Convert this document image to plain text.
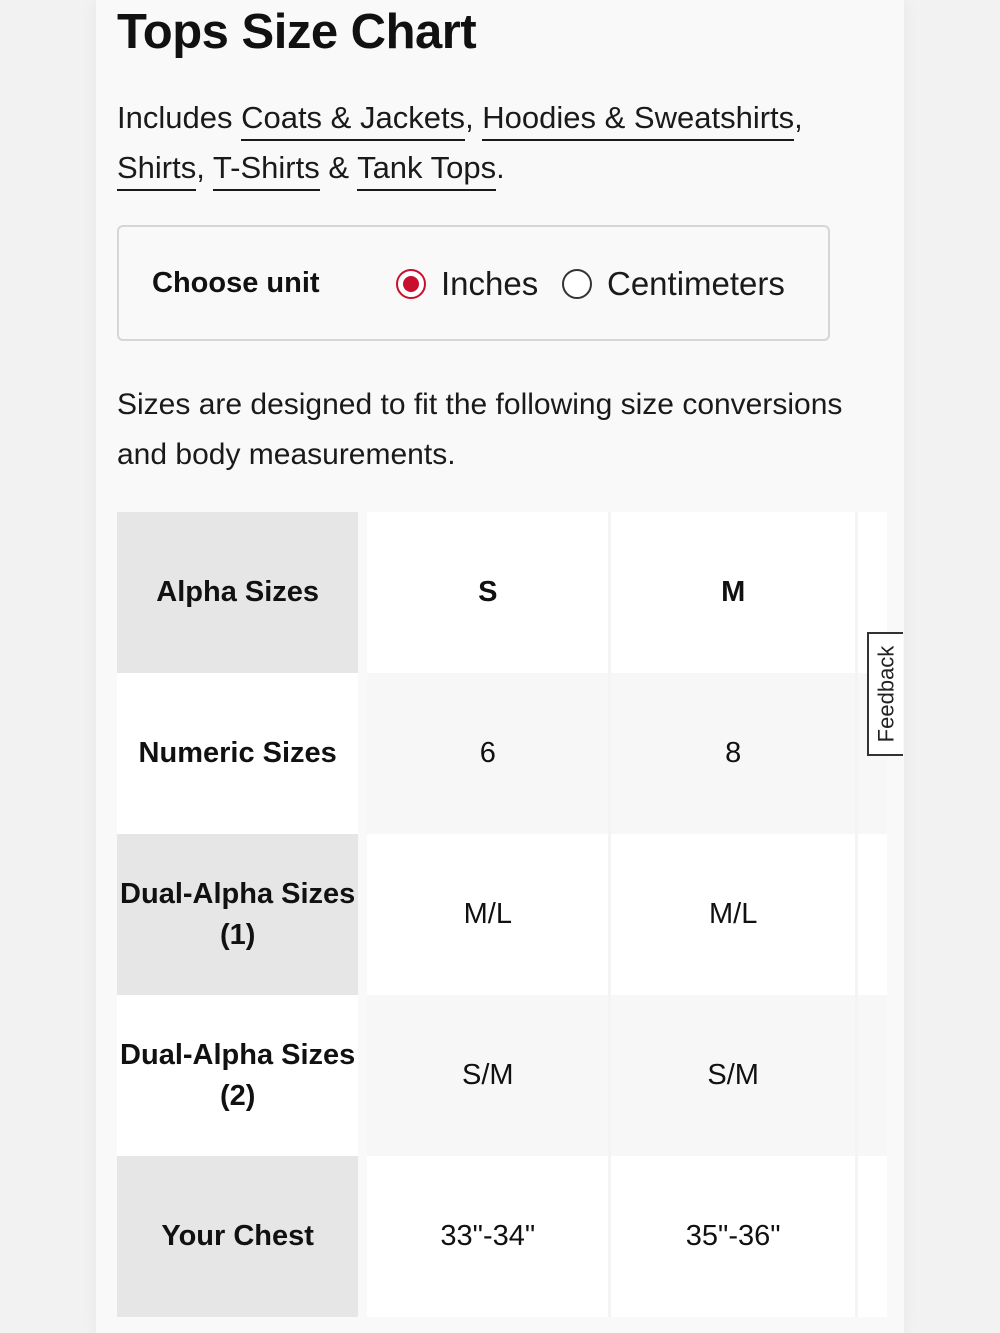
Tops Size Chart
Includes Coats & Jackets, Hoodies & Sweatshirts, Shirts, T-Shirts & Tank Tops.
Choose unit	Inches Centimeters
Sizes are designed to fit the following size conversions and body measurements.
Alpha Sizes	S	M	
Numeric Sizes	6	8	
Dual-Alpha Sizes (1)	M/L	M/L	
Dual-Alpha Sizes (2)	S/M	S/M	
Your Chest	33"-34"	35"-36"	
Feedback
